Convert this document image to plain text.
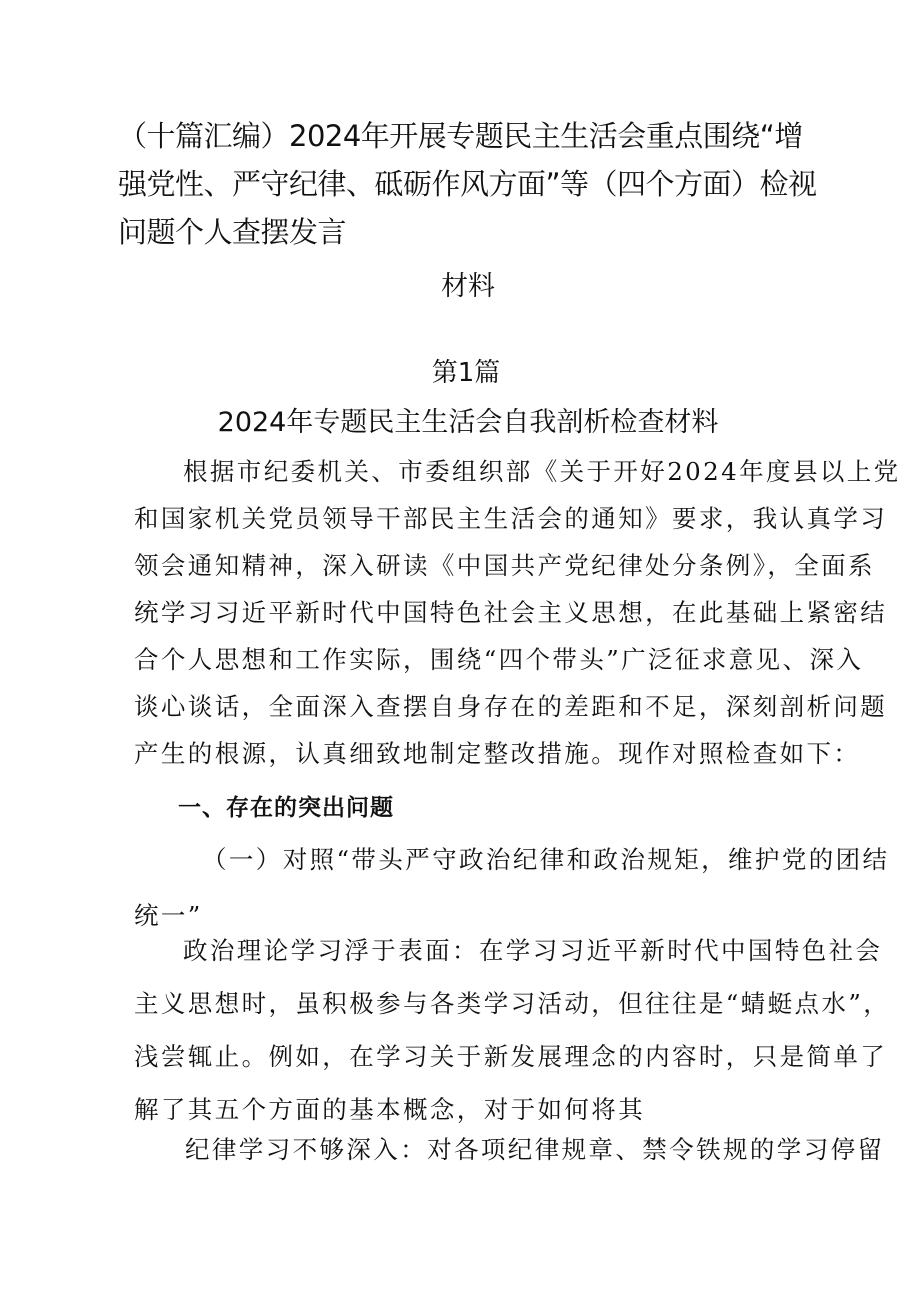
（十篇汇编）2024年开展专题民主生活会重点围绕“增

强党性、严守纪律、砥砺作风方面”等（四个方面）检视

问题个人查摆发言

材料
第1篇
2024年专题民主生活会自我剖析检查材料
根据市纪委机关、市委组织部《关于开好2024年度县以上党
和国家机关党员领导干部民主生活会的通知》要求，我认真学习
领会通知精神，深入研读《中国共产党纪律处分条例》，全面系
统学习习近平新时代中国特色社会主义思想，在此基础上紧密结
合个人思想和工作实际，围绕“四个带头”广泛征求意见、深入
谈心谈话，全面深入查摆自身存在的差距和不足，深刻剖析问题
产生的根源，认真细致地制定整改措施。现作对照检查如下：
一、存在的突出问题
（一）对照“带头严守政治纪律和政治规矩，维护党的团结
统一”
政治理论学习浮于表面：在学习习近平新时代中国特色社会
主义思想时，虽积极参与各类学习活动，但往往是“蜻蜓点水”，
浅尝辄止。例如，在学习关于新发展理念的内容时，只是简单了
解了其五个方面的基本概念，对于如何将其
纪律学习不够深入：对各项纪律规章、禁令铁规的学习停留
